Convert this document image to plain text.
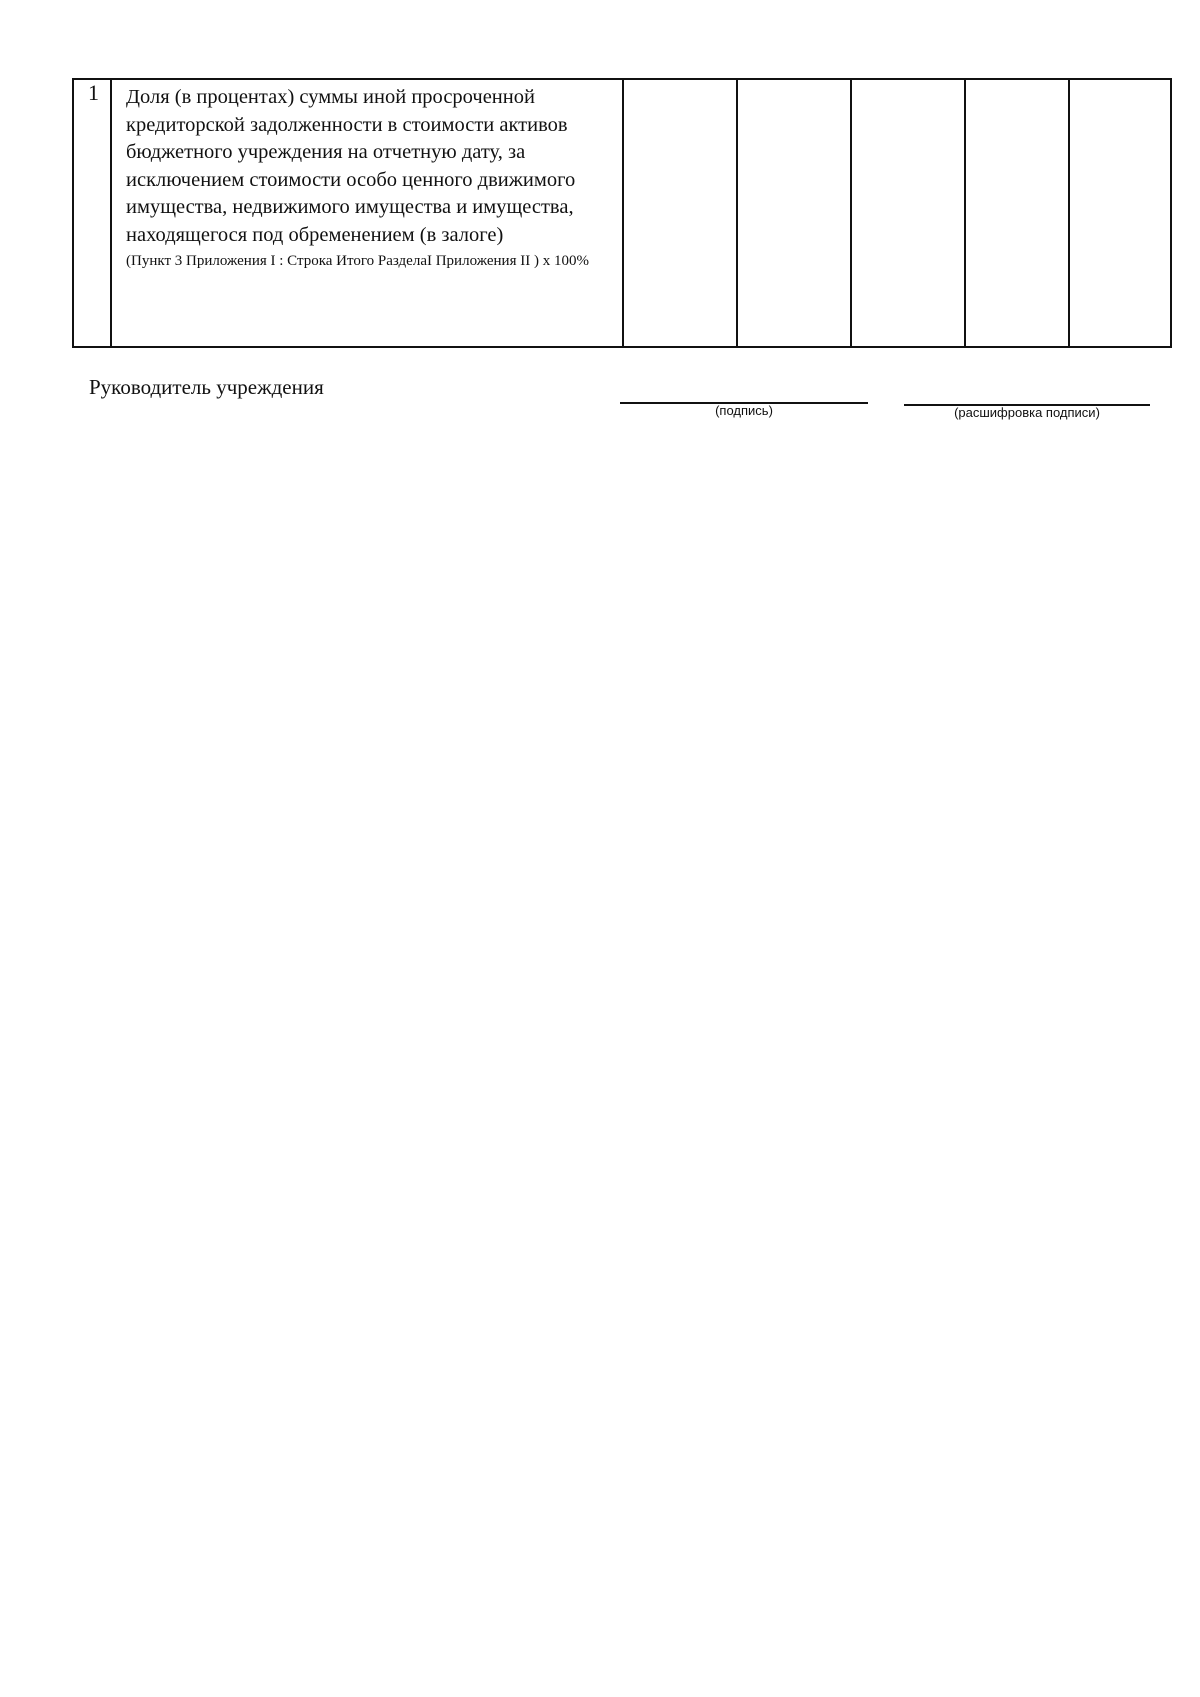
1 Доля (в процентах) суммы иной просроченной кредиторской задолженности в стоимости активов бюджетного учреждения на отчетную дату, за исключением стоимости особо ценного движимого имущества, недвижимого имущества и имущества, находящегося под обременением (в залоге)
(Пункт 3 Приложения I : Строка Итого РазделаI Приложения II ) х 100%
Руководитель учреждения
(подпись)	(расшифровка подписи)
